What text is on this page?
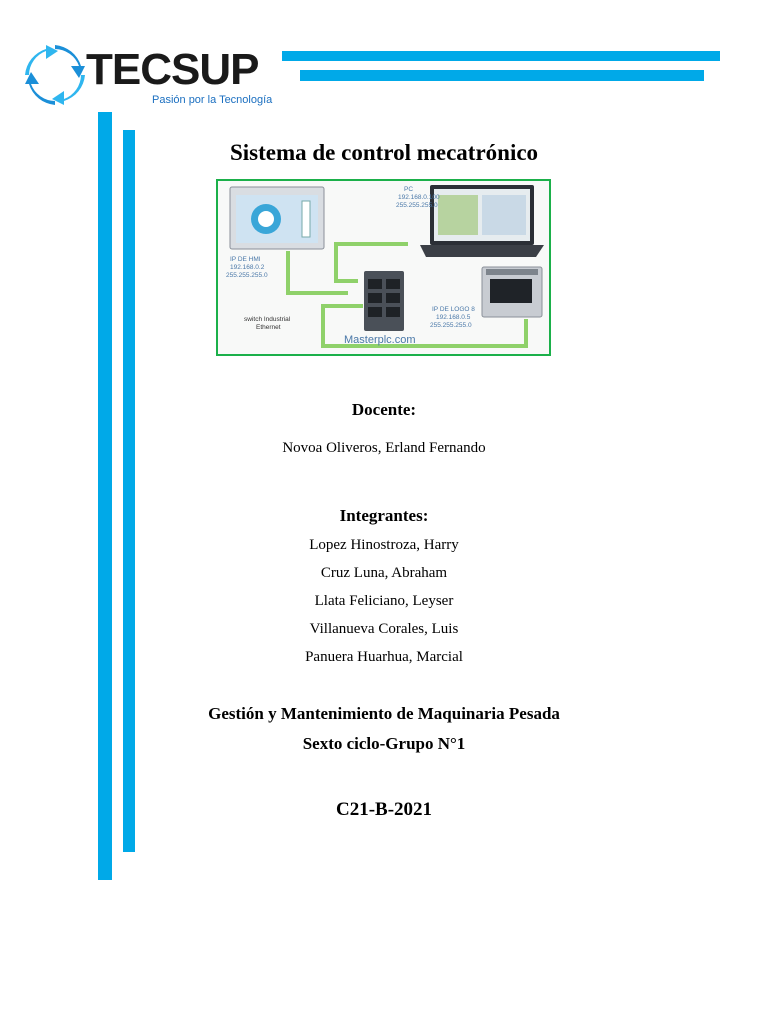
TECSUP
Pasión por la Tecnología
Sistema de control mecatrónico
IP DE HMI
192.168.0.2
255.255.255.0
PC
192.168.0.100
255.255.255.0
switch Industrial
Ethernet
IP DE LOGO 8
192.168.0.5
255.255.255.0
Masterplc.com
Docente:
Novoa Oliveros, Erland Fernando
Integrantes:
Lopez Hinostroza, Harry
Cruz Luna, Abraham
Llata Feliciano, Leyser
Villanueva Corales, Luis
Panuera Huarhua, Marcial
Gestión y Mantenimiento de Maquinaria Pesada
Sexto ciclo-Grupo N°1
C21-B-2021
